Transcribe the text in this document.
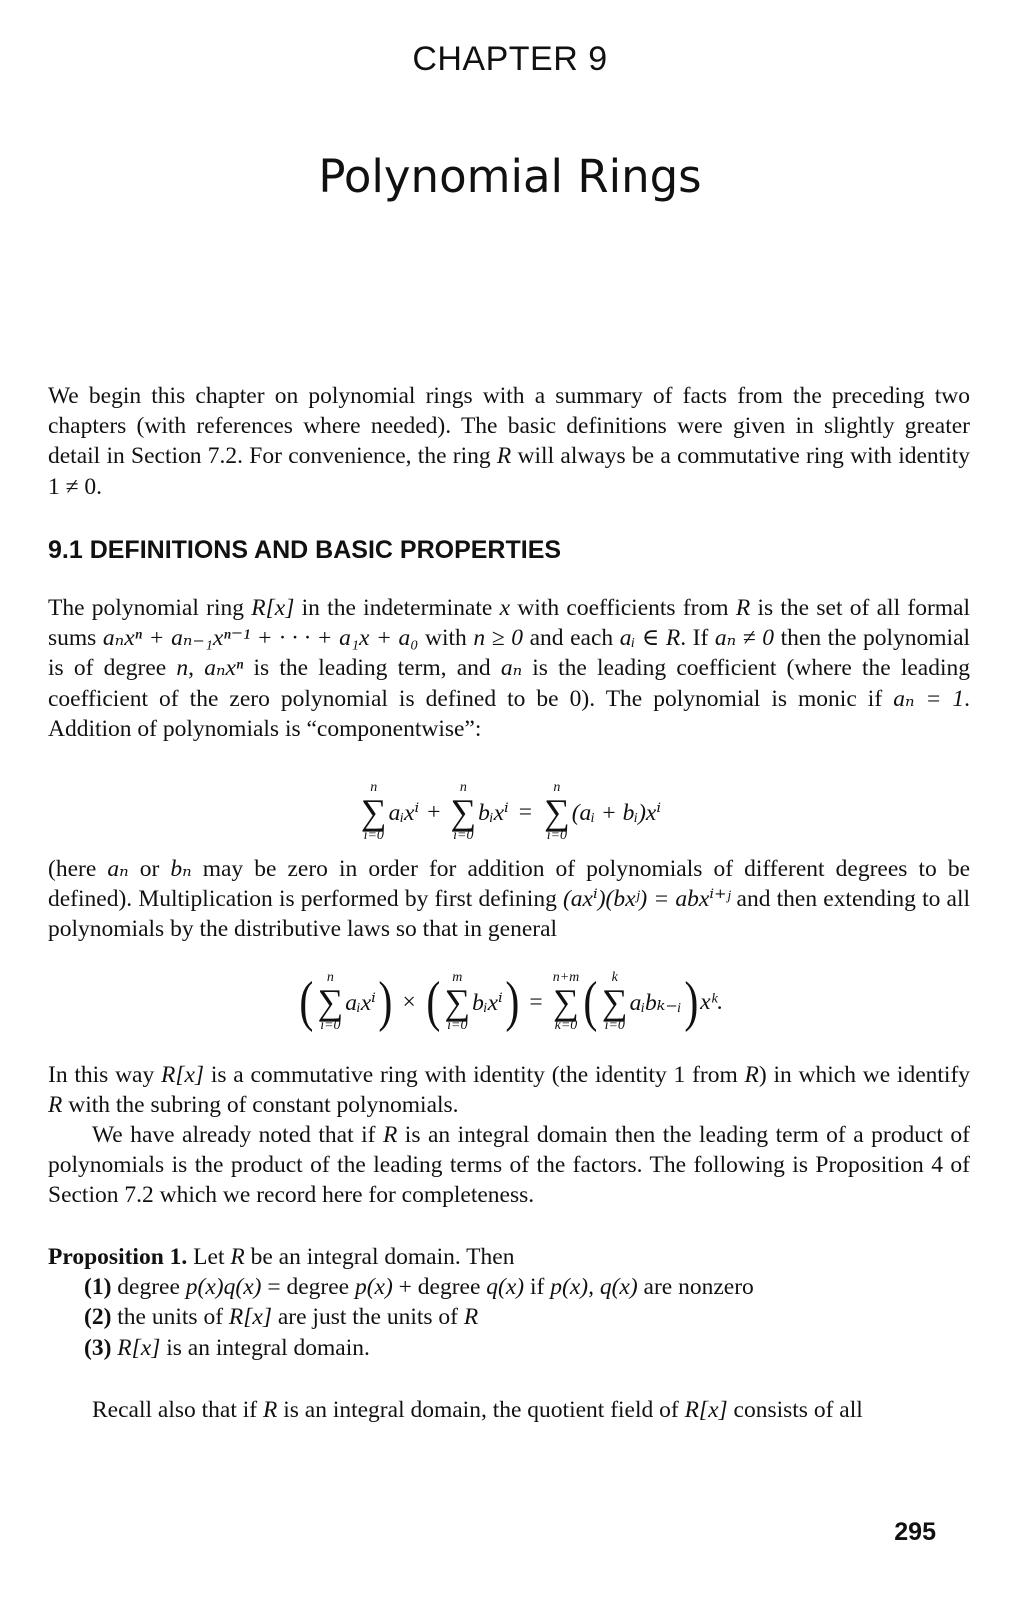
CHAPTER 9
Polynomial Rings

We begin this chapter on polynomial rings with a summary of facts from the preceding two chapters (with references where needed). The basic definitions were given in slightly greater detail in Section 7.2. For convenience, the ring R will always be a commutative ring with identity 1 ≠ 0.

9.1 DEFINITIONS AND BASIC PROPERTIES

The polynomial ring R[x] in the indeterminate x with coefficients from R is the set of all formal sums aₙxⁿ + aₙ₋₁xⁿ⁻¹ + · · · + a₁x + a₀ with n ≥ 0 and each aᵢ ∈ R. If aₙ ≠ 0 then the polynomial is of degree n, aₙxⁿ is the leading term, and aₙ is the leading coefficient (where the leading coefficient of the zero polynomial is defined to be 0). The polynomial is monic if aₙ = 1. Addition of polynomials is “componentwise”:

n
∑
i=0
aᵢxⁱ +
n
∑
i=0
bᵢxⁱ =
n
∑
i=0
(aᵢ + bᵢ)xⁱ

(here aₙ or bₙ may be zero in order for addition of polynomials of different degrees to be defined). Multiplication is performed by first defining (axⁱ)(bxʲ) = abxⁱ⁺ʲ and then extending to all polynomials by the distributive laws so that in general

( n
∑
i=0
aᵢxⁱ ) × ( m
∑
i=0
bᵢxⁱ ) =
n+m
∑
k=0 ( k
∑
i=0
aᵢbₖ₋ᵢ ) xᵏ.

In this way R[x] is a commutative ring with identity (the identity 1 from R) in which we identify R with the subring of constant polynomials.

We have already noted that if R is an integral domain then the leading term of a product of polynomials is the product of the leading terms of the factors. The following is Proposition 4 of Section 7.2 which we record here for completeness.

Proposition 1. Let R be an integral domain. Then
(1) degree p(x)q(x) = degree p(x) + degree q(x) if p(x), q(x) are nonzero
(2) the units of R[x] are just the units of R
(3) R[x] is an integral domain.

Recall also that if R is an integral domain, the quotient field of R[x] consists of all

295
